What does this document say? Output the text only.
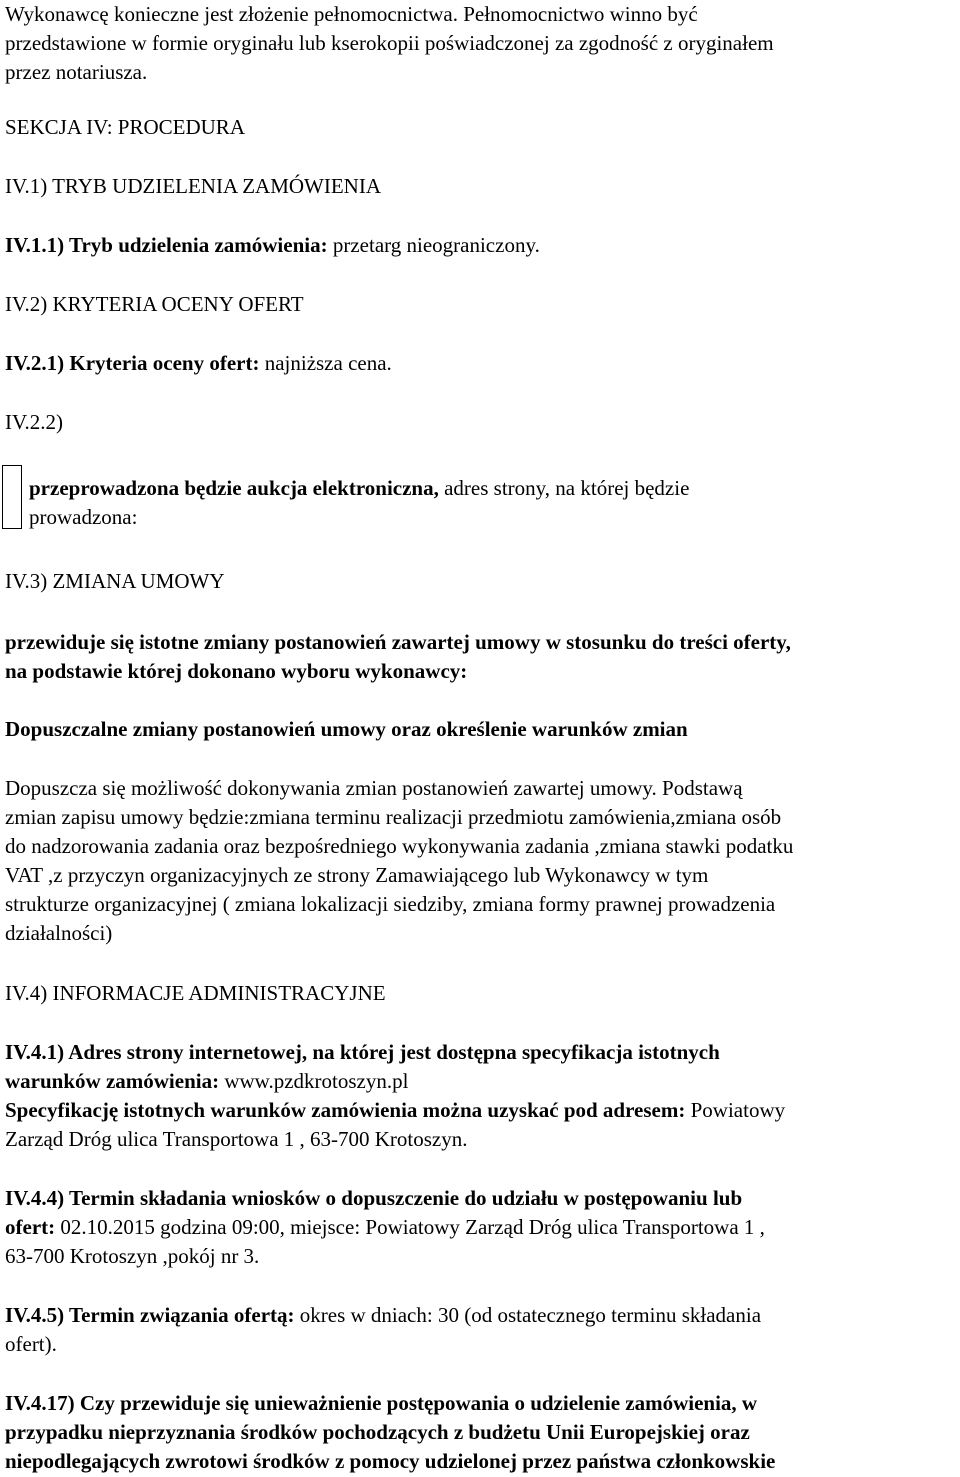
Wykonawcę konieczne jest złożenie pełnomocnictwa. Pełnomocnictwo winno być
przedstawione w formie oryginału lub kserokopii poświadczonej za zgodność z oryginałem
przez notariusza.
SEKCJA IV: PROCEDURA
IV.1) TRYB UDZIELENIA ZAMÓWIENIA
IV.1.1) Tryb udzielenia zamówienia: przetarg nieograniczony.
IV.2) KRYTERIA OCENY OFERT
IV.2.1) Kryteria oceny ofert: najniższa cena.
IV.2.2)
przeprowadzona będzie aukcja elektroniczna, adres strony, na której będzie
prowadzona:
IV.3) ZMIANA UMOWY
przewiduje się istotne zmiany postanowień zawartej umowy w stosunku do treści oferty,
na podstawie której dokonano wyboru wykonawcy:
Dopuszczalne zmiany postanowień umowy oraz określenie warunków zmian
Dopuszcza się możliwość dokonywania zmian postanowień zawartej umowy. Podstawą
zmian zapisu umowy będzie:zmiana terminu realizacji przedmiotu zamówienia,zmiana osób
do nadzorowania zadania oraz bezpośredniego wykonywania zadania ,zmiana stawki podatku
VAT ,z przyczyn organizacyjnych ze strony Zamawiającego lub Wykonawcy w tym
strukturze organizacyjnej ( zmiana lokalizacji siedziby, zmiana formy prawnej prowadzenia
działalności)
IV.4) INFORMACJE ADMINISTRACYJNE
IV.4.1) Adres strony internetowej, na której jest dostępna specyfikacja istotnych
warunków zamówienia: www.pzdkrotoszyn.pl
Specyfikację istotnych warunków zamówienia można uzyskać pod adresem: Powiatowy
Zarząd Dróg ulica Transportowa 1 , 63-700 Krotoszyn.
IV.4.4) Termin składania wniosków o dopuszczenie do udziału w postępowaniu lub
ofert: 02.10.2015 godzina 09:00, miejsce: Powiatowy Zarząd Dróg ulica Transportowa 1 ,
63-700 Krotoszyn ,pokój nr 3.
IV.4.5) Termin związania ofertą: okres w dniach: 30 (od ostatecznego terminu składania
ofert).
IV.4.17) Czy przewiduje się unieważnienie postępowania o udzielenie zamówienia, w
przypadku nieprzyznania środków pochodzących z budżetu Unii Europejskiej oraz
niepodlegających zwrotowi środków z pomocy udzielonej przez państwa członkowskie
